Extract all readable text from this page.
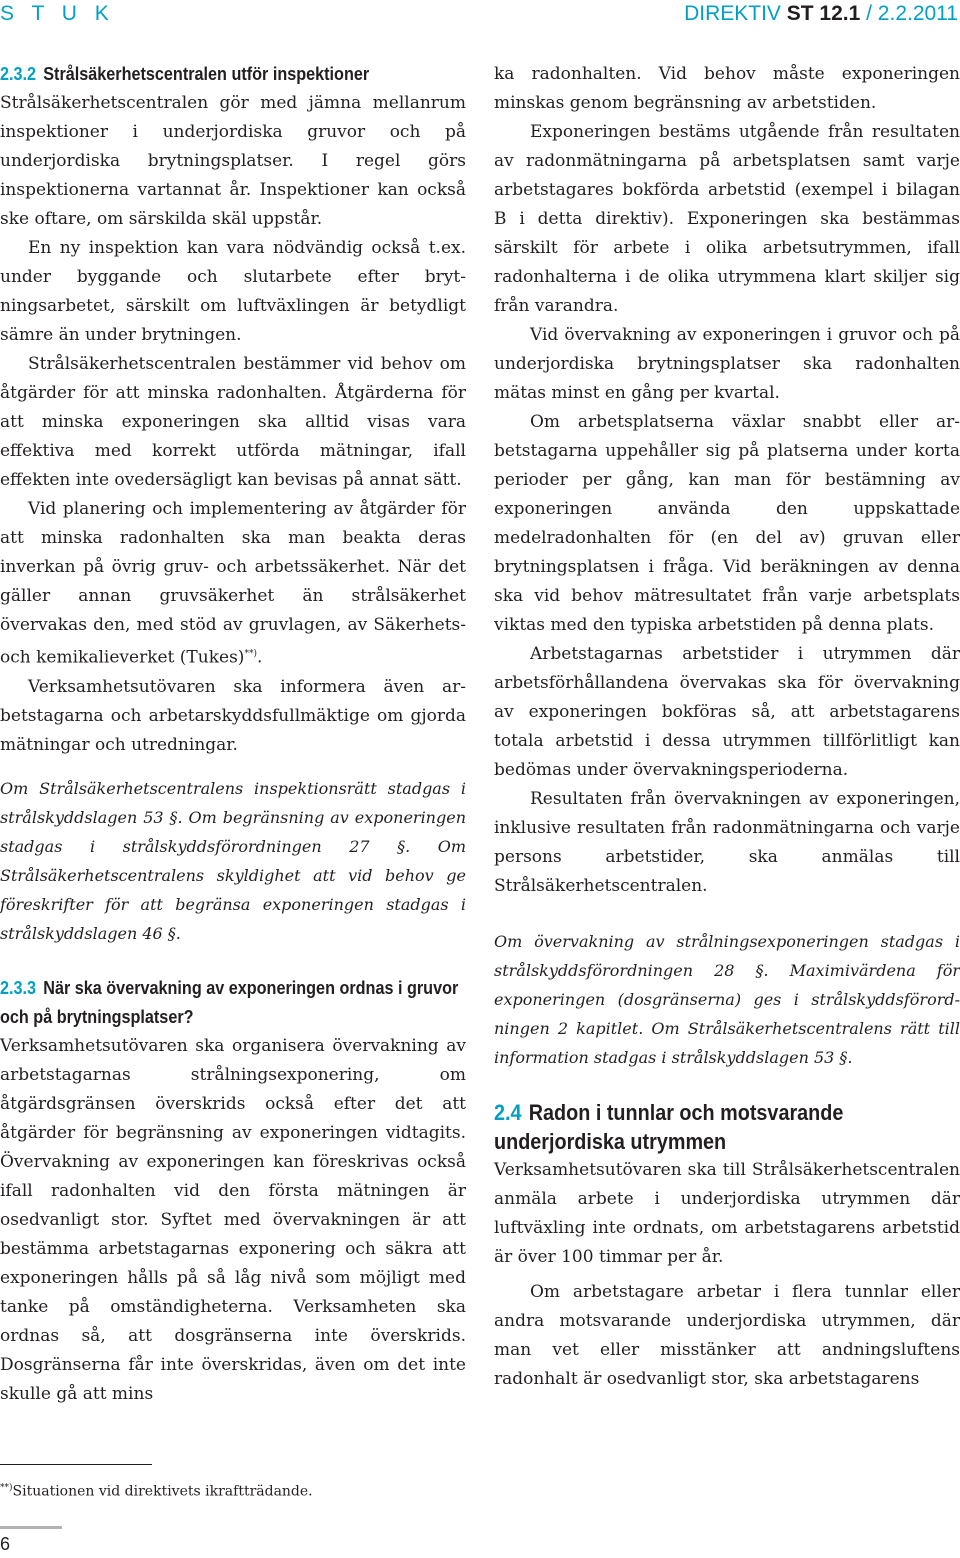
S T U K	DIREKTIV ST 12.1 / 2.2.2011
2.3.2 Strålsäkerhetscentralen utför inspektioner

Strålsäkerhetscentralen gör med jämna mellanrum inspektioner i underjordiska gruvor och på underjordiska brytningsplatser. I regel görs inspektionerna vartannat år. Inspektioner kan också ske oftare, om särskilda skäl uppstår.

En ny inspektion kan vara nödvändig också t.ex. under byggande och slutarbete efter brytningsarbetet, särskilt om luftväxlingen är betydligt sämre än under brytningen.

Strålsäkerhetscentralen bestämmer vid behov om åtgärder för att minska radonhalten. Åtgärderna för att minska exponeringen ska alltid visas vara effektiva med korrekt utförda mätningar, ifall effekten inte ovedersägligt kan bevisas på annat sätt.

Vid planering och implementering av åtgärder för att minska radonhalten ska man beakta deras inverkan på övrig gruv- och arbetssäkerhet. När det gäller annan gruvsäkerhet än strålsäkerhet övervakas den, med stöd av gruvlagen, av Säkerhets- och kemikalieverket (Tukes)**).

Verksamhetsutövaren ska informera även arbetstagarna och arbetarskyddsfullmäktige om gjorda mätningar och utredningar.

Om Strålsäkerhetscentralens inspektionsrätt stadgas i strålskyddslagen 53 §. Om begränsning av exponeringen stadgas i strålskyddsförordningen 27 §. Om Strålsäkerhetscentralens skyldighet att vid behov ge föreskrifter för att begränsa exponeringen stadgas i strålskyddslagen 46 §.

2.3.3 När ska övervakning av exponeringen ordnas i gruvor och på brytningsplatser?

Verksamhetsutövaren ska organisera övervakning av arbetstagarnas strålningsexponering, om åtgärdsgränsen överskrids också efter det att åtgärder för begränsning av exponeringen vidtagits. Övervakning av exponeringen kan föreskrivas också ifall radonhalten vid den första mätningen är osedvanligt stor. Syftet med övervakningen är att bestämma arbetstagarnas exponering och säkra att exponeringen hålls på så låg nivå som möjligt med tanke på omständigheterna. Verksamheten ska ordnas så, att dosgränserna inte överskrids. Dosgränserna får inte överskridas, även om det inte skulle gå att mins

ka radonhalten. Vid behov måste exponeringen minskas genom begränsning av arbetstiden.

Exponeringen bestäms utgående från resultaten av radonmätningarna på arbetsplatsen samt varje arbetstagares bokförda arbetstid (exempel i bilagan B i detta direktiv). Exponeringen ska bestämmas särskilt för arbete i olika arbetsutrymmen, ifall radonhalterna i de olika utrymmena klart skiljer sig från varandra.

Vid övervakning av exponeringen i gruvor och på underjordiska brytningsplatser ska radonhalten mätas minst en gång per kvartal.

Om arbetsplatserna växlar snabbt eller arbetstagarna uppehåller sig på platserna under korta perioder per gång, kan man för bestämning av exponeringen använda den uppskattade medelradonhalten för (en del av) gruvan eller brytningsplatsen i fråga. Vid beräkningen av denna ska vid behov mätresultatet från varje arbetsplats viktas med den typiska arbetstiden på denna plats.

Arbetstagarnas arbetstider i utrymmen där arbetsförhållandena övervakas ska för övervakning av exponeringen bokföras så, att arbetstagarens totala arbetstid i dessa utrymmen tillförlitligt kan bedömas under övervakningsperioderna.

Resultaten från övervakningen av exponeringen, inklusive resultaten från radonmätningarna och varje persons arbetstider, ska anmälas till Strålsäkerhetscentralen.

Om övervakning av strålningsexponeringen stadgas i strålskyddsförordningen 28 §. Maximivärdena för exponeringen (dosgränserna) ges i strålskyddsförordningen 2 kapitlet. Om Strålsäkerhetscentralens rätt till information stadgas i strålskyddslagen 53 §.

2.4 Radon i tunnlar och motsvarande underjordiska utrymmen

Verksamhetsutövaren ska till Strålsäkerhetscentralen anmäla arbete i underjordiska utrymmen där luftväxling inte ordnats, om arbetstagarens arbetstid är över 100 timmar per år.

Om arbetstagare arbetar i flera tunnlar eller andra motsvarande underjordiska utrymmen, där man vet eller misstänker att andningsluftens radonhalt är osedvanligt stor, ska arbetstagarens

**)Situationen vid direktivets ikraftträdande.
6
